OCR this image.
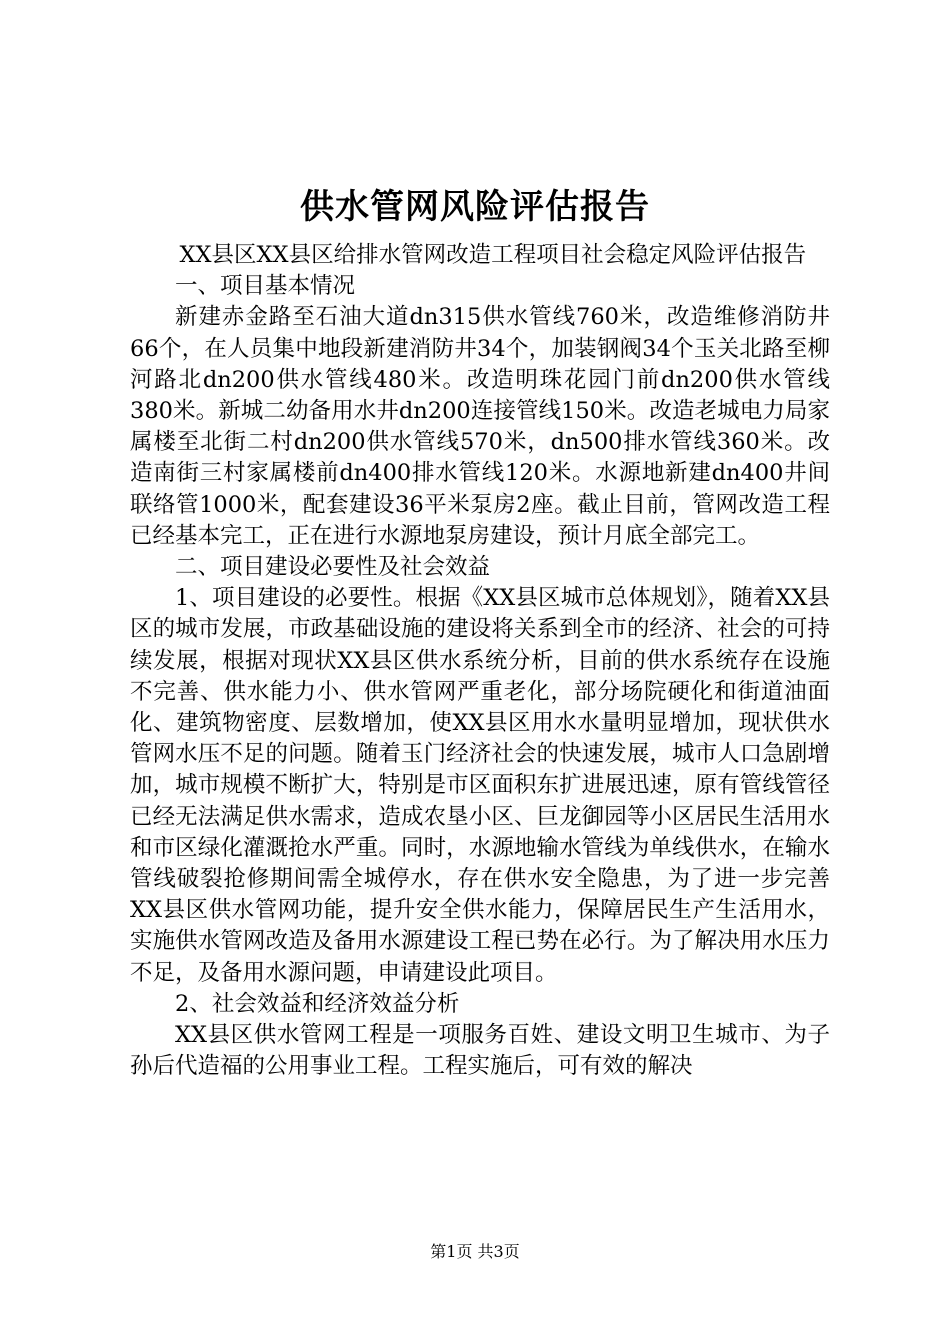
供水管网风险评估报告

XX县区XX县区给排水管网改造工程项目社会稳定风险评估报告

一、项目基本情况

新建赤金路至石油大道dn315供水管线760米，改造维修消防井66个，在人员集中地段新建消防井34个，加装钢阀34个玉关北路至柳河路北dn200供水管线480米。改造明珠花园门前dn200供水管线380米。新城二幼备用水井dn200连接管线150米。改造老城电力局家属楼至北街二村dn200供水管线570米，dn500排水管线360米。改造南街三村家属楼前dn400排水管线120米。水源地新建dn400井间联络管1000米，配套建设36平米泵房2座。截止目前，管网改造工程已经基本完工，正在进行水源地泵房建设，预计月底全部完工。

二、项目建设必要性及社会效益

1、项目建设的必要性。根据《XX县区城市总体规划》，随着XX县区的城市发展，市政基础设施的建设将关系到全市的经济、社会的可持续发展，根据对现状XX县区供水系统分析，目前的供水系统存在设施不完善、供水能力小、供水管网严重老化，部分场院硬化和街道油面化、建筑物密度、层数增加，使XX县区用水水量明显增加，现状供水管网水压不足的问题。随着玉门经济社会的快速发展，城市人口急剧增加，城市规模不断扩大，特别是市区面积东扩进展迅速，原有管线管径已经无法满足供水需求，造成农垦小区、巨龙御园等小区居民生活用水和市区绿化灌溉抢水严重。同时，水源地输水管线为单线供水，在输水管线破裂抢修期间需全城停水，存在供水安全隐患，为了进一步完善XX县区供水管网功能，提升安全供水能力，保障居民生产生活用水，实施供水管网改造及备用水源建设工程已势在必行。为了解决用水压力不足，及备用水源问题，申请建设此项目。

2、社会效益和经济效益分析

XX县区供水管网工程是一项服务百姓、建设文明卫生城市、为子孙后代造福的公用事业工程。工程实施后，可有效的解决

第1页 共3页
